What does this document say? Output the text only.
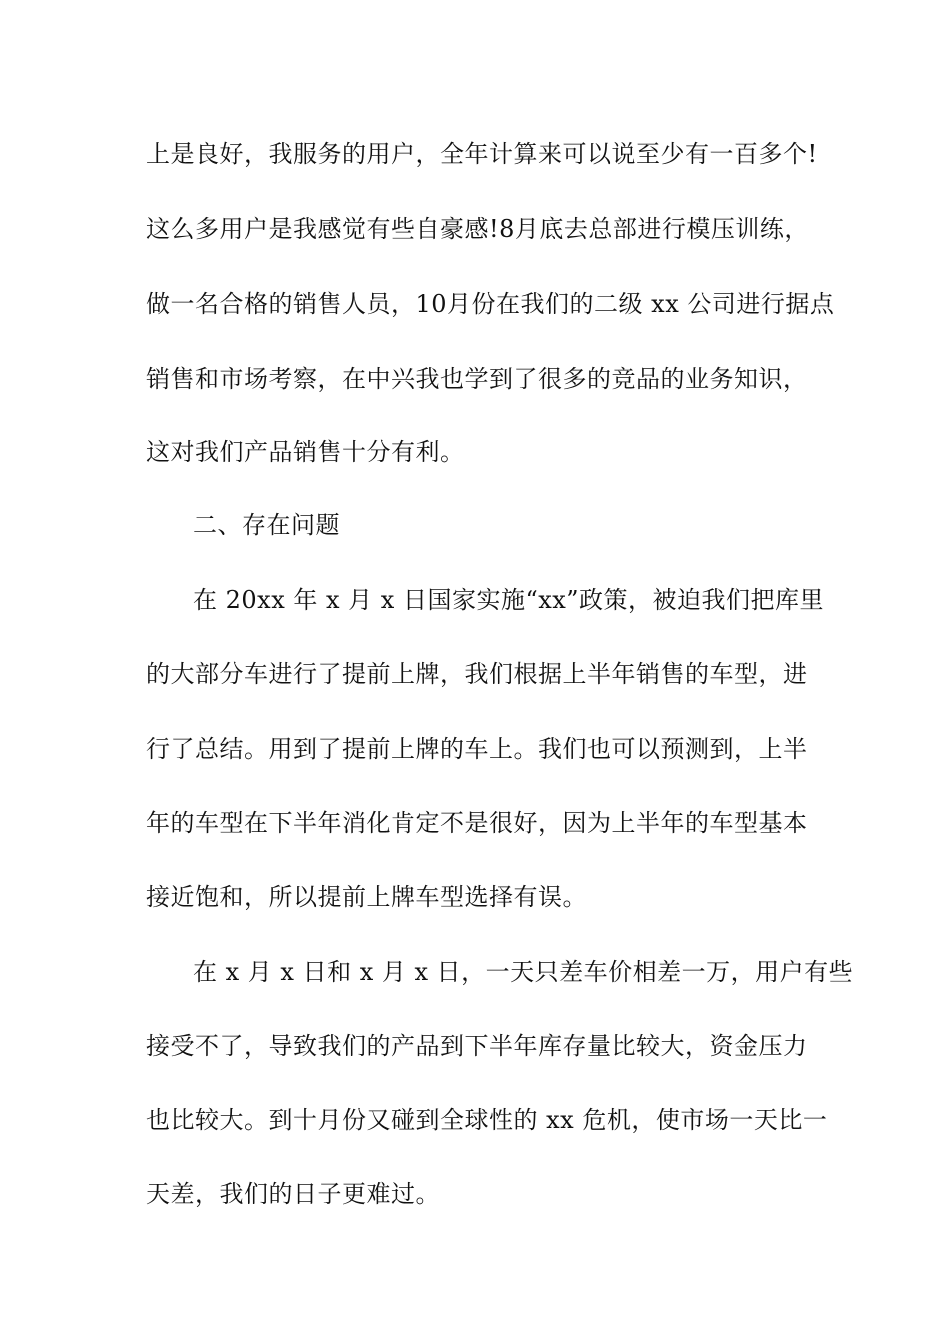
上是良好，我服务的用户，全年计算来可以说至少有一百多个!
这么多用户是我感觉有些自豪感!8月底去总部进行模压训练，
做一名合格的销售人员，10月份在我们的二级 xx 公司进行据点
销售和市场考察，在中兴我也学到了很多的竞品的业务知识，
这对我们产品销售十分有利。
二、存在问题
在 20xx 年 x 月 x 日国家实施“xx”政策，被迫我们把库里
的大部分车进行了提前上牌，我们根据上半年销售的车型，进
行了总结。用到了提前上牌的车上。我们也可以预测到，上半
年的车型在下半年消化肯定不是很好，因为上半年的车型基本
接近饱和，所以提前上牌车型选择有误。
在 x 月 x 日和 x 月 x 日，一天只差车价相差一万，用户有些
接受不了，导致我们的产品到下半年库存量比较大，资金压力
也比较大。到十月份又碰到全球性的 xx 危机，使市场一天比一
天差，我们的日子更难过。
